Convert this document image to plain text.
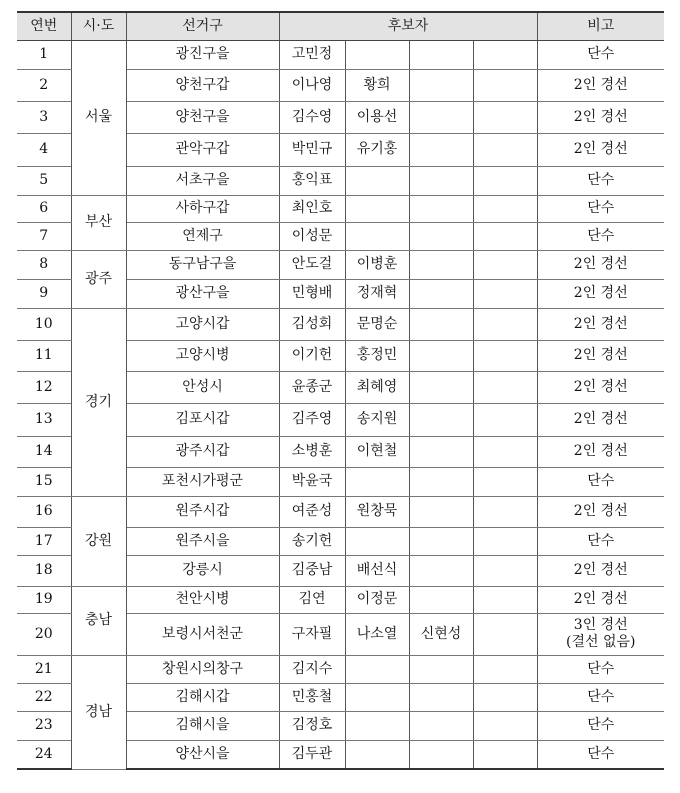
연번	시·도	선거구	후보자				비고
1	서울	광진구을	고민정				단수

2		양천구갑	이나영	황희			2인 경선

3		양천구을	김수영	이용선			2인 경선

4		관악구갑	박민규	유기홍			2인 경선

5		서초구을	홍익표				단수

6	부산	사하구갑	최인호				단수

7		연제구	이성문				단수

8	광주	동구남구을	안도걸	이병훈			2인 경선

9		광산구을	민형배	정재혁			2인 경선

10	경기	고양시갑	김성회	문명순			2인 경선

11		고양시병	이기헌	홍정민			2인 경선

12		안성시	윤종군	최혜영			2인 경선

13		김포시갑	김주영	송지원			2인 경선

14		광주시갑	소병훈	이현철			2인 경선

15		포천시가평군	박윤국				단수

16	강원	원주시갑	여준성	원창묵			2인 경선

17		원주시을	송기헌				단수

18		강릉시	김중남	배선식			2인 경선

19	충남	천안시병	김연	이정문			2인 경선

20		보령시서천군	구자필	나소열	신현성		3인 경선
(결선 없음)

21	경남	창원시의창구	김지수				단수

22		김해시갑	민홍철				단수

23		김해시을	김정호				단수

24		양산시을	김두관				단수
